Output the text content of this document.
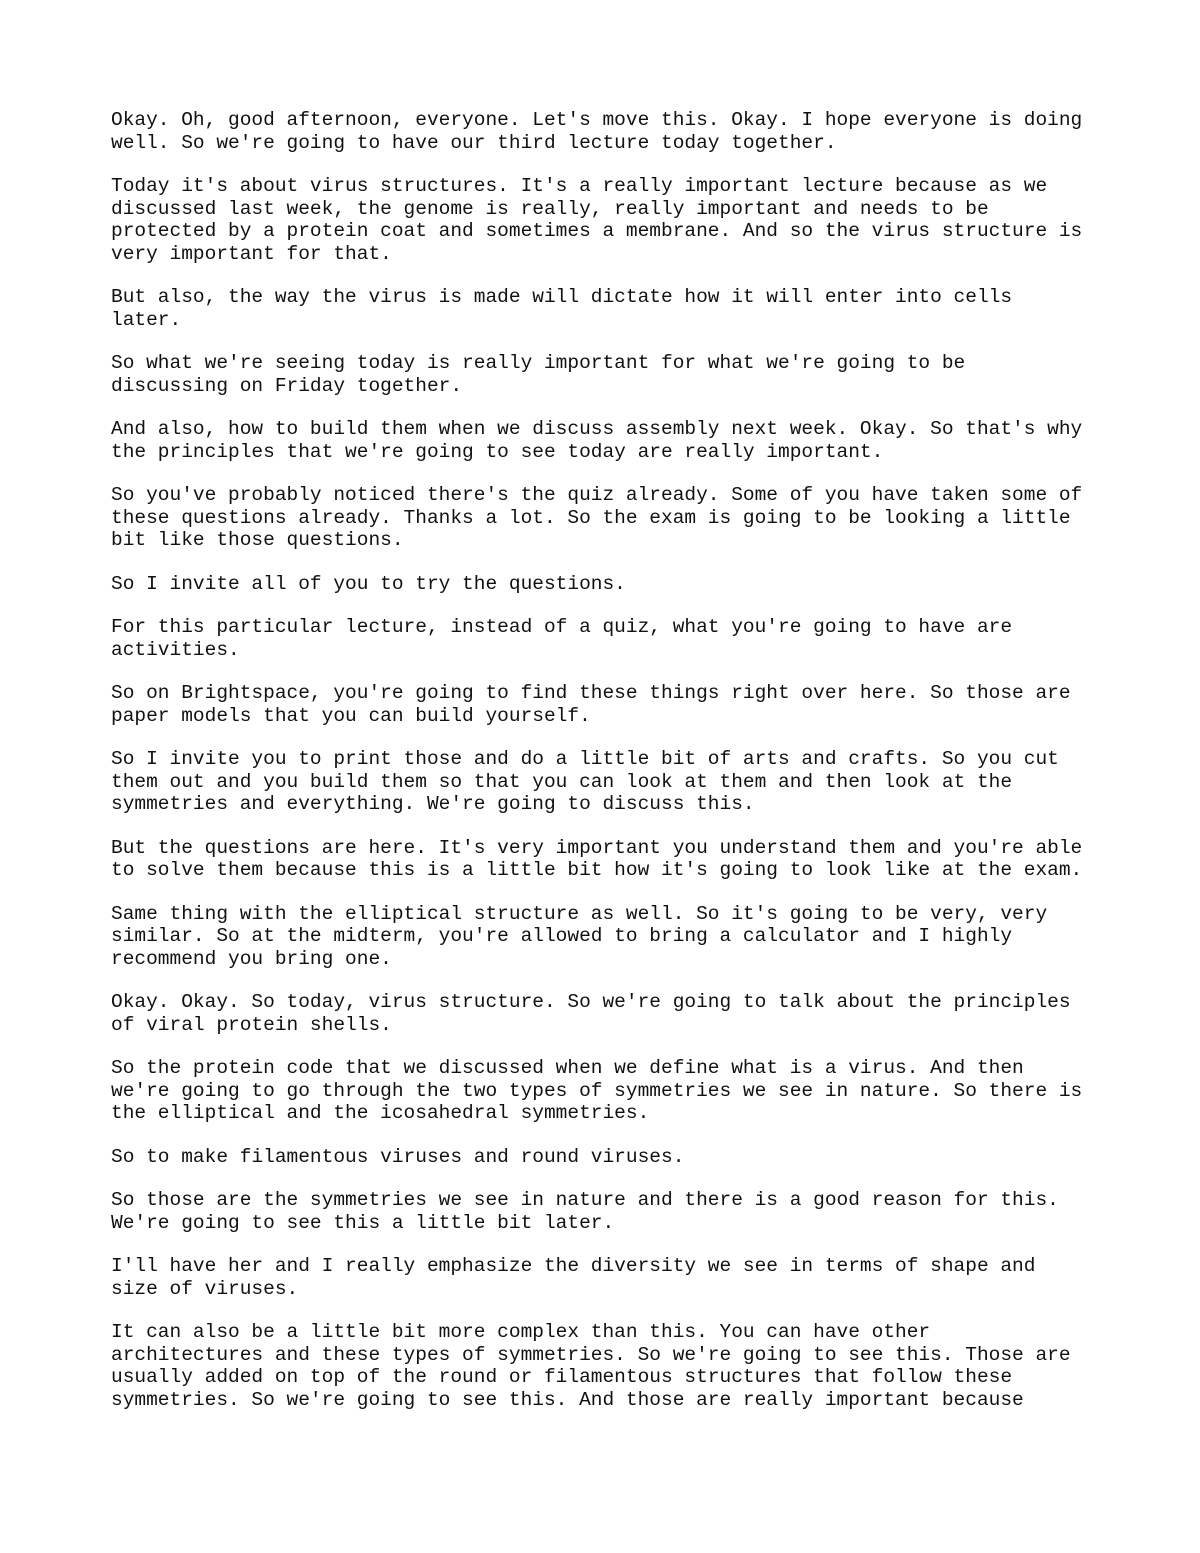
Okay. Oh, good afternoon, everyone. Let's move this. Okay. I hope everyone is doing
well. So we're going to have our third lecture today together.

Today it's about virus structures. It's a really important lecture because as we
discussed last week, the genome is really, really important and needs to be
protected by a protein coat and sometimes a membrane. And so the virus structure is
very important for that.

But also, the way the virus is made will dictate how it will enter into cells
later.

So what we're seeing today is really important for what we're going to be
discussing on Friday together.

And also, how to build them when we discuss assembly next week. Okay. So that's why
the principles that we're going to see today are really important.

So you've probably noticed there's the quiz already. Some of you have taken some of
these questions already. Thanks a lot. So the exam is going to be looking a little
bit like those questions.

So I invite all of you to try the questions.

For this particular lecture, instead of a quiz, what you're going to have are
activities.

So on Brightspace, you're going to find these things right over here. So those are
paper models that you can build yourself.

So I invite you to print those and do a little bit of arts and crafts. So you cut
them out and you build them so that you can look at them and then look at the
symmetries and everything. We're going to discuss this.

But the questions are here. It's very important you understand them and you're able
to solve them because this is a little bit how it's going to look like at the exam.

Same thing with the elliptical structure as well. So it's going to be very, very
similar. So at the midterm, you're allowed to bring a calculator and I highly
recommend you bring one.

Okay. Okay. So today, virus structure. So we're going to talk about the principles
of viral protein shells.

So the protein code that we discussed when we define what is a virus. And then
we're going to go through the two types of symmetries we see in nature. So there is
the elliptical and the icosahedral symmetries.

So to make filamentous viruses and round viruses.

So those are the symmetries we see in nature and there is a good reason for this.
We're going to see this a little bit later.

I'll have her and I really emphasize the diversity we see in terms of shape and
size of viruses.

It can also be a little bit more complex than this. You can have other
architectures and these types of symmetries. So we're going to see this. Those are
usually added on top of the round or filamentous structures that follow these
symmetries. So we're going to see this. And those are really important because
